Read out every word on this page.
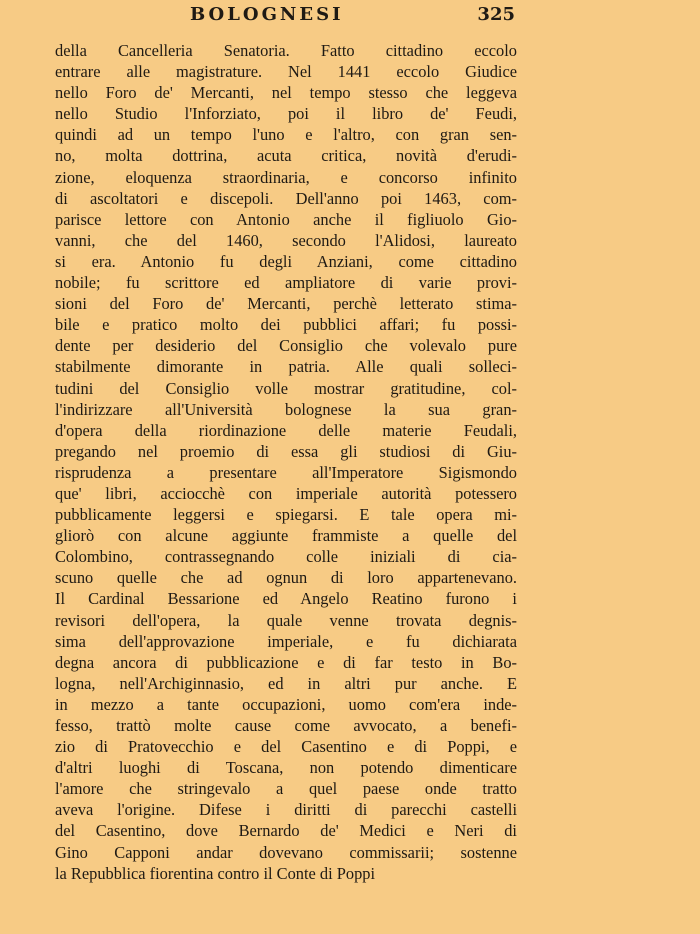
BOLOGNESI	325
della Cancelleria Senatoria. Fatto cittadino eccolo
entrare alle magistrature. Nel 1441 eccolo Giudice
nello Foro de' Mercanti, nel tempo stesso che leggeva
nello Studio l'Inforziato, poi il libro de' Feudi,
quindi ad un tempo l'uno e l'altro, con gran sen-
no, molta dottrina, acuta critica, novità d'erudi-
zione, eloquenza straordinaria, e concorso infinito
di ascoltatori e discepoli. Dell'anno poi 1463, com-
parisce lettore con Antonio anche il figliuolo Gio-
vanni, che del 1460, secondo l'Alidosi, laureato
si era. Antonio fu degli Anziani, come cittadino
nobile; fu scrittore ed ampliatore di varie provi-
sioni del Foro de' Mercanti, perchè letterato stima-
bile e pratico molto dei pubblici affari; fu possi-
dente per desiderio del Consiglio che volevalo pure
stabilmente dimorante in patria. Alle quali solleci-
tudini del Consiglio volle mostrar gratitudine, col-
l'indirizzare all'Università bolognese la sua gran-
d'opera della riordinazione delle materie Feudali,
pregando nel proemio di essa gli studiosi di Giu-
risprudenza a presentare all'Imperatore Sigismondo
que' libri, acciocchè con imperiale autorità potessero
pubblicamente leggersi e spiegarsi. E tale opera mi-
gliorò con alcune aggiunte frammiste a quelle del
Colombino, contrassegnando colle iniziali di cia-
scuno quelle che ad ognun di loro appartenevano.
Il Cardinal Bessarione ed Angelo Reatino furono i
revisori dell'opera, la quale venne trovata degnis-
sima dell'approvazione imperiale, e fu dichiarata
degna ancora di pubblicazione e di far testo in Bo-
logna, nell'Archiginnasio, ed in altri pur anche. E
in mezzo a tante occupazioni, uomo com'era inde-
fesso, trattò molte cause come avvocato, a benefi-
zio di Pratovecchio e del Casentino e di Poppi, e
d'altri luoghi di Toscana, non potendo dimenticare
l'amore che stringevalo a quel paese onde tratto
aveva l'origine. Difese i diritti di parecchi castelli
del Casentino, dove Bernardo de' Medici e Neri di
Gino Capponi andar dovevano commissarii; sostenne
la Repubblica fiorentina contro il Conte di Poppi
